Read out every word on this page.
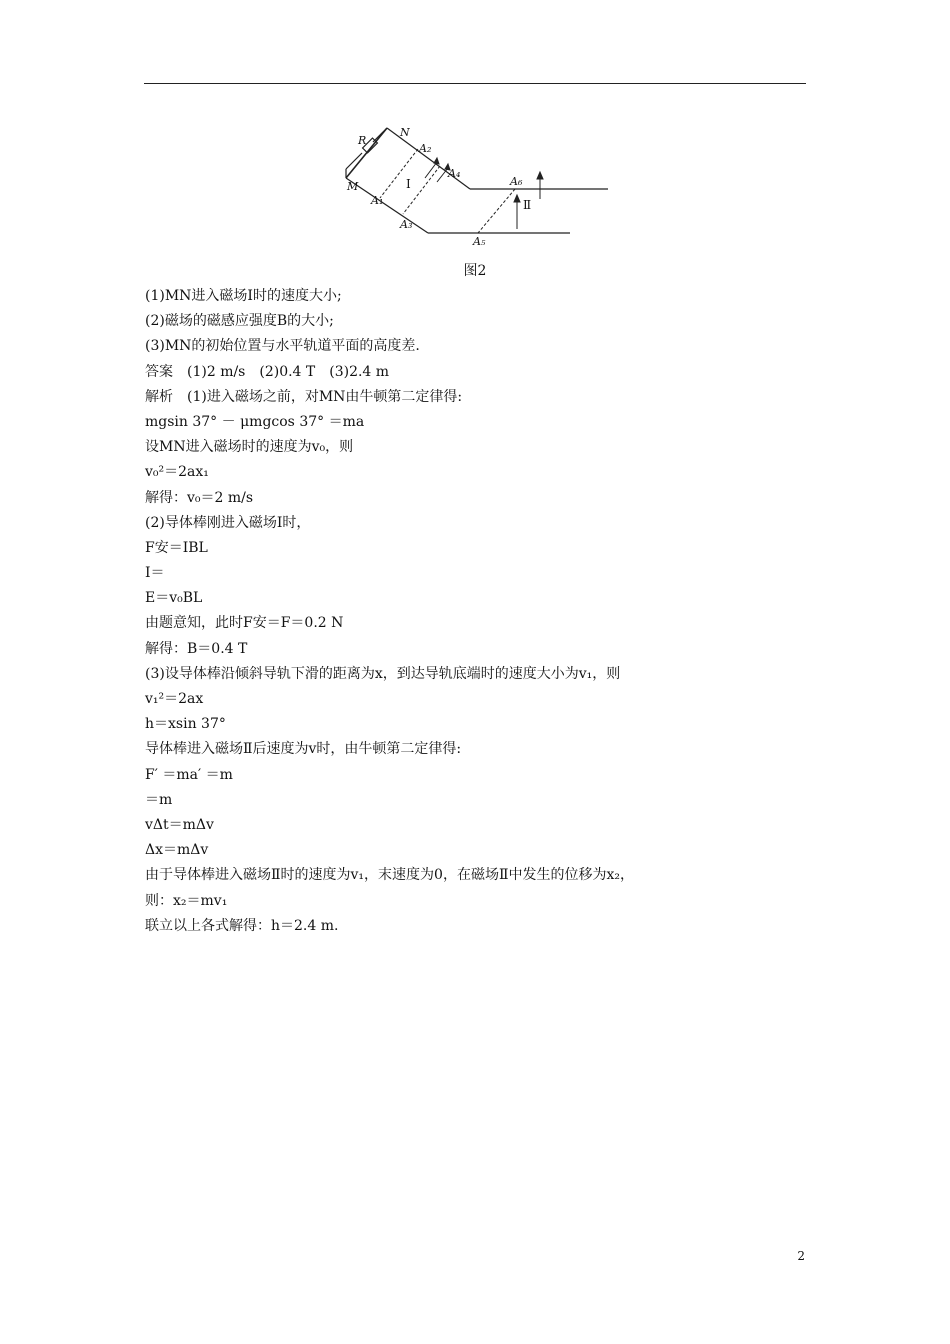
R
N
M
A₁
A₂
A₃
A₄
A₅
A₆
Ⅰ
Ⅱ
图2
(1)MN进入磁场Ⅰ时的速度大小;
(2)磁场的磁感应强度B的大小;
(3)MN的初始位置与水平轨道平面的高度差.
答案　(1)2 m/s　(2)0.4 T　(3)2.4 m
解析　(1)进入磁场之前，对MN由牛顿第二定律得:
mgsin 37° － μmgcos 37° ＝ma
设MN进入磁场时的速度为v₀，则
v₀²＝2ax₁
解得：v₀＝2 m/s
(2)导体棒刚进入磁场Ⅰ时，
F安＝IBL
I＝
E＝v₀BL
由题意知，此时F安＝F＝0.2 N
解得：B＝0.4 T
(3)设导体棒沿倾斜导轨下滑的距离为x，到达导轨底端时的速度大小为v₁，则
v₁²＝2ax
h＝xsin 37°
导体棒进入磁场Ⅱ后速度为v时，由牛顿第二定律得:
F′ ＝ma′ ＝m
＝m
vΔt＝mΔv
Δx＝mΔv
由于导体棒进入磁场Ⅱ时的速度为v₁，末速度为0，在磁场Ⅱ中发生的位移为x₂，
则：x₂＝mv₁
联立以上各式解得：h＝2.4 m.
2
